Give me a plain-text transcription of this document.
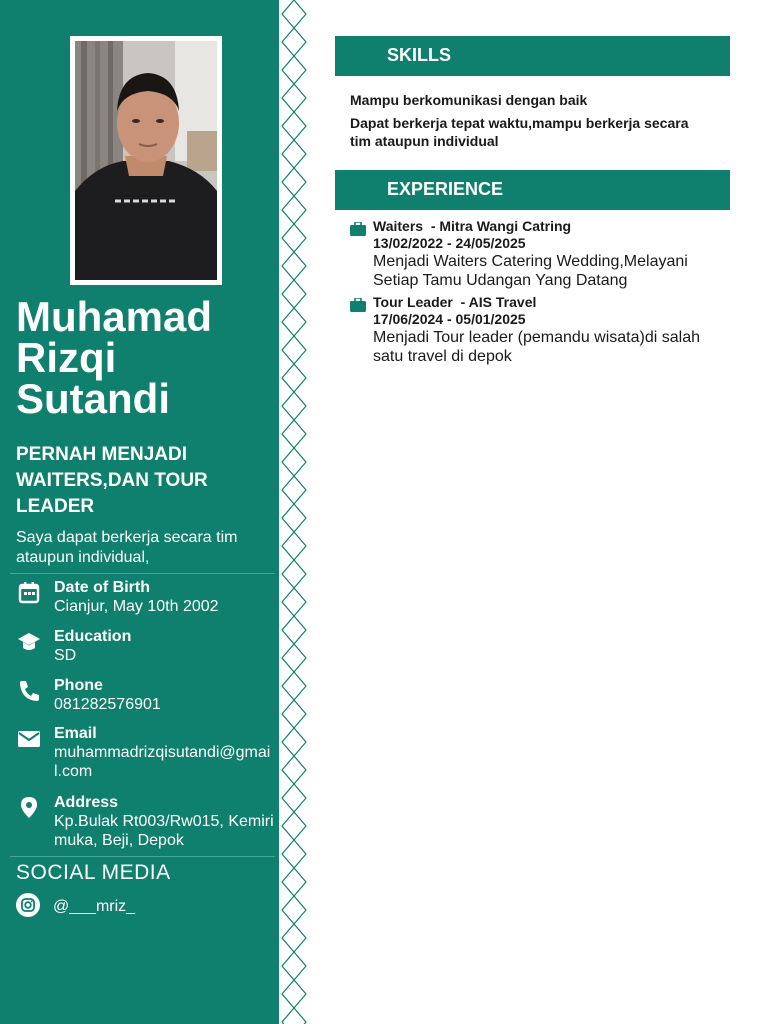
Muhamad
Rizqi
Sutandi
PERNAH MENJADI WAITERS,DAN TOUR LEADER
Saya dapat berkerja secara tim ataupun individual,
Date of Birth
Cianjur, May 10th 2002
Education
SD
Phone
081282576901
Email
muhammadrizqisutandi@gmail.com
Address
Kp.Bulak Rt003/Rw015, Kemirimuka, Beji, Depok
SOCIAL MEDIA
@___mriz_
SKILLS
Mampu berkomunikasi dengan baik
Dapat berkerja tepat waktu,mampu berkerja secara tim ataupun individual
EXPERIENCE
Waiters  - Mitra Wangi Catring
13/02/2022 - 24/05/2025
Menjadi Waiters Catering Wedding,Melayani Setiap Tamu Udangan Yang Datang
Tour Leader  - AIS Travel
17/06/2024 - 05/01/2025
Menjadi Tour leader (pemandu wisata)di salah satu travel di depok
